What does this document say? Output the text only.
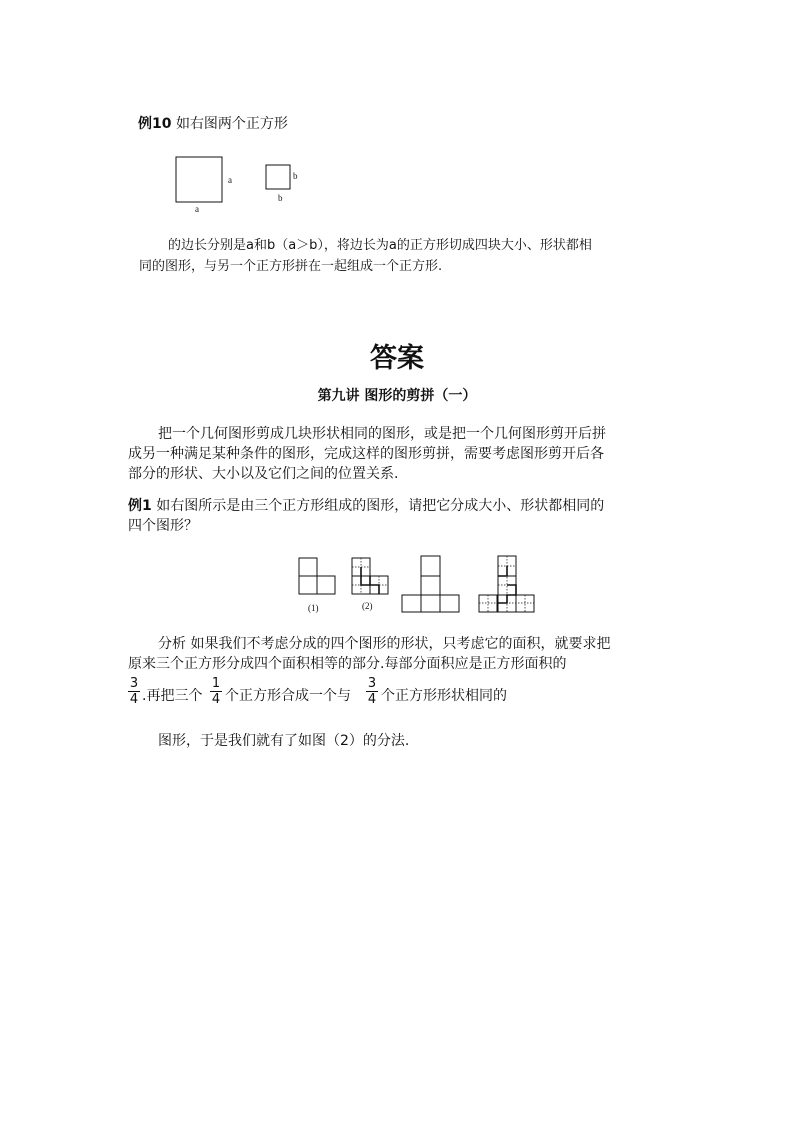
例10 如右图两个正方形
a
a
b
b
的边长分别是a和b（a＞b），将边长为a的正方形切成四块大小、形状都相
同的图形，与另一个正方形拼在一起组成一个正方形.
答案
第九讲 图形的剪拼（一）
把一个几何图形剪成几块形状相同的图形，或是把一个几何图形剪开后拼
成另一种满足某种条件的图形，完成这样的图形剪拼，需要考虑图形剪开后各
部分的形状、大小以及它们之间的位置关系.
例1 如右图所示是由三个正方形组成的图形，请把它分成大小、形状都相同的
四个图形？
(1)	(2)
分析 如果我们不考虑分成的四个图形的形状，只考虑它的面积，就要求把
原来三个正方形分成四个面积相等的部分.每部分面积应是正方形面积的
$\frac{3}{4}$ .再把三个 $\frac{1}{4}$ 个正方形合成一个与 $\frac{3}{4}$ 个正方形形状相同的
图形，于是我们就有了如图（2）的分法.
